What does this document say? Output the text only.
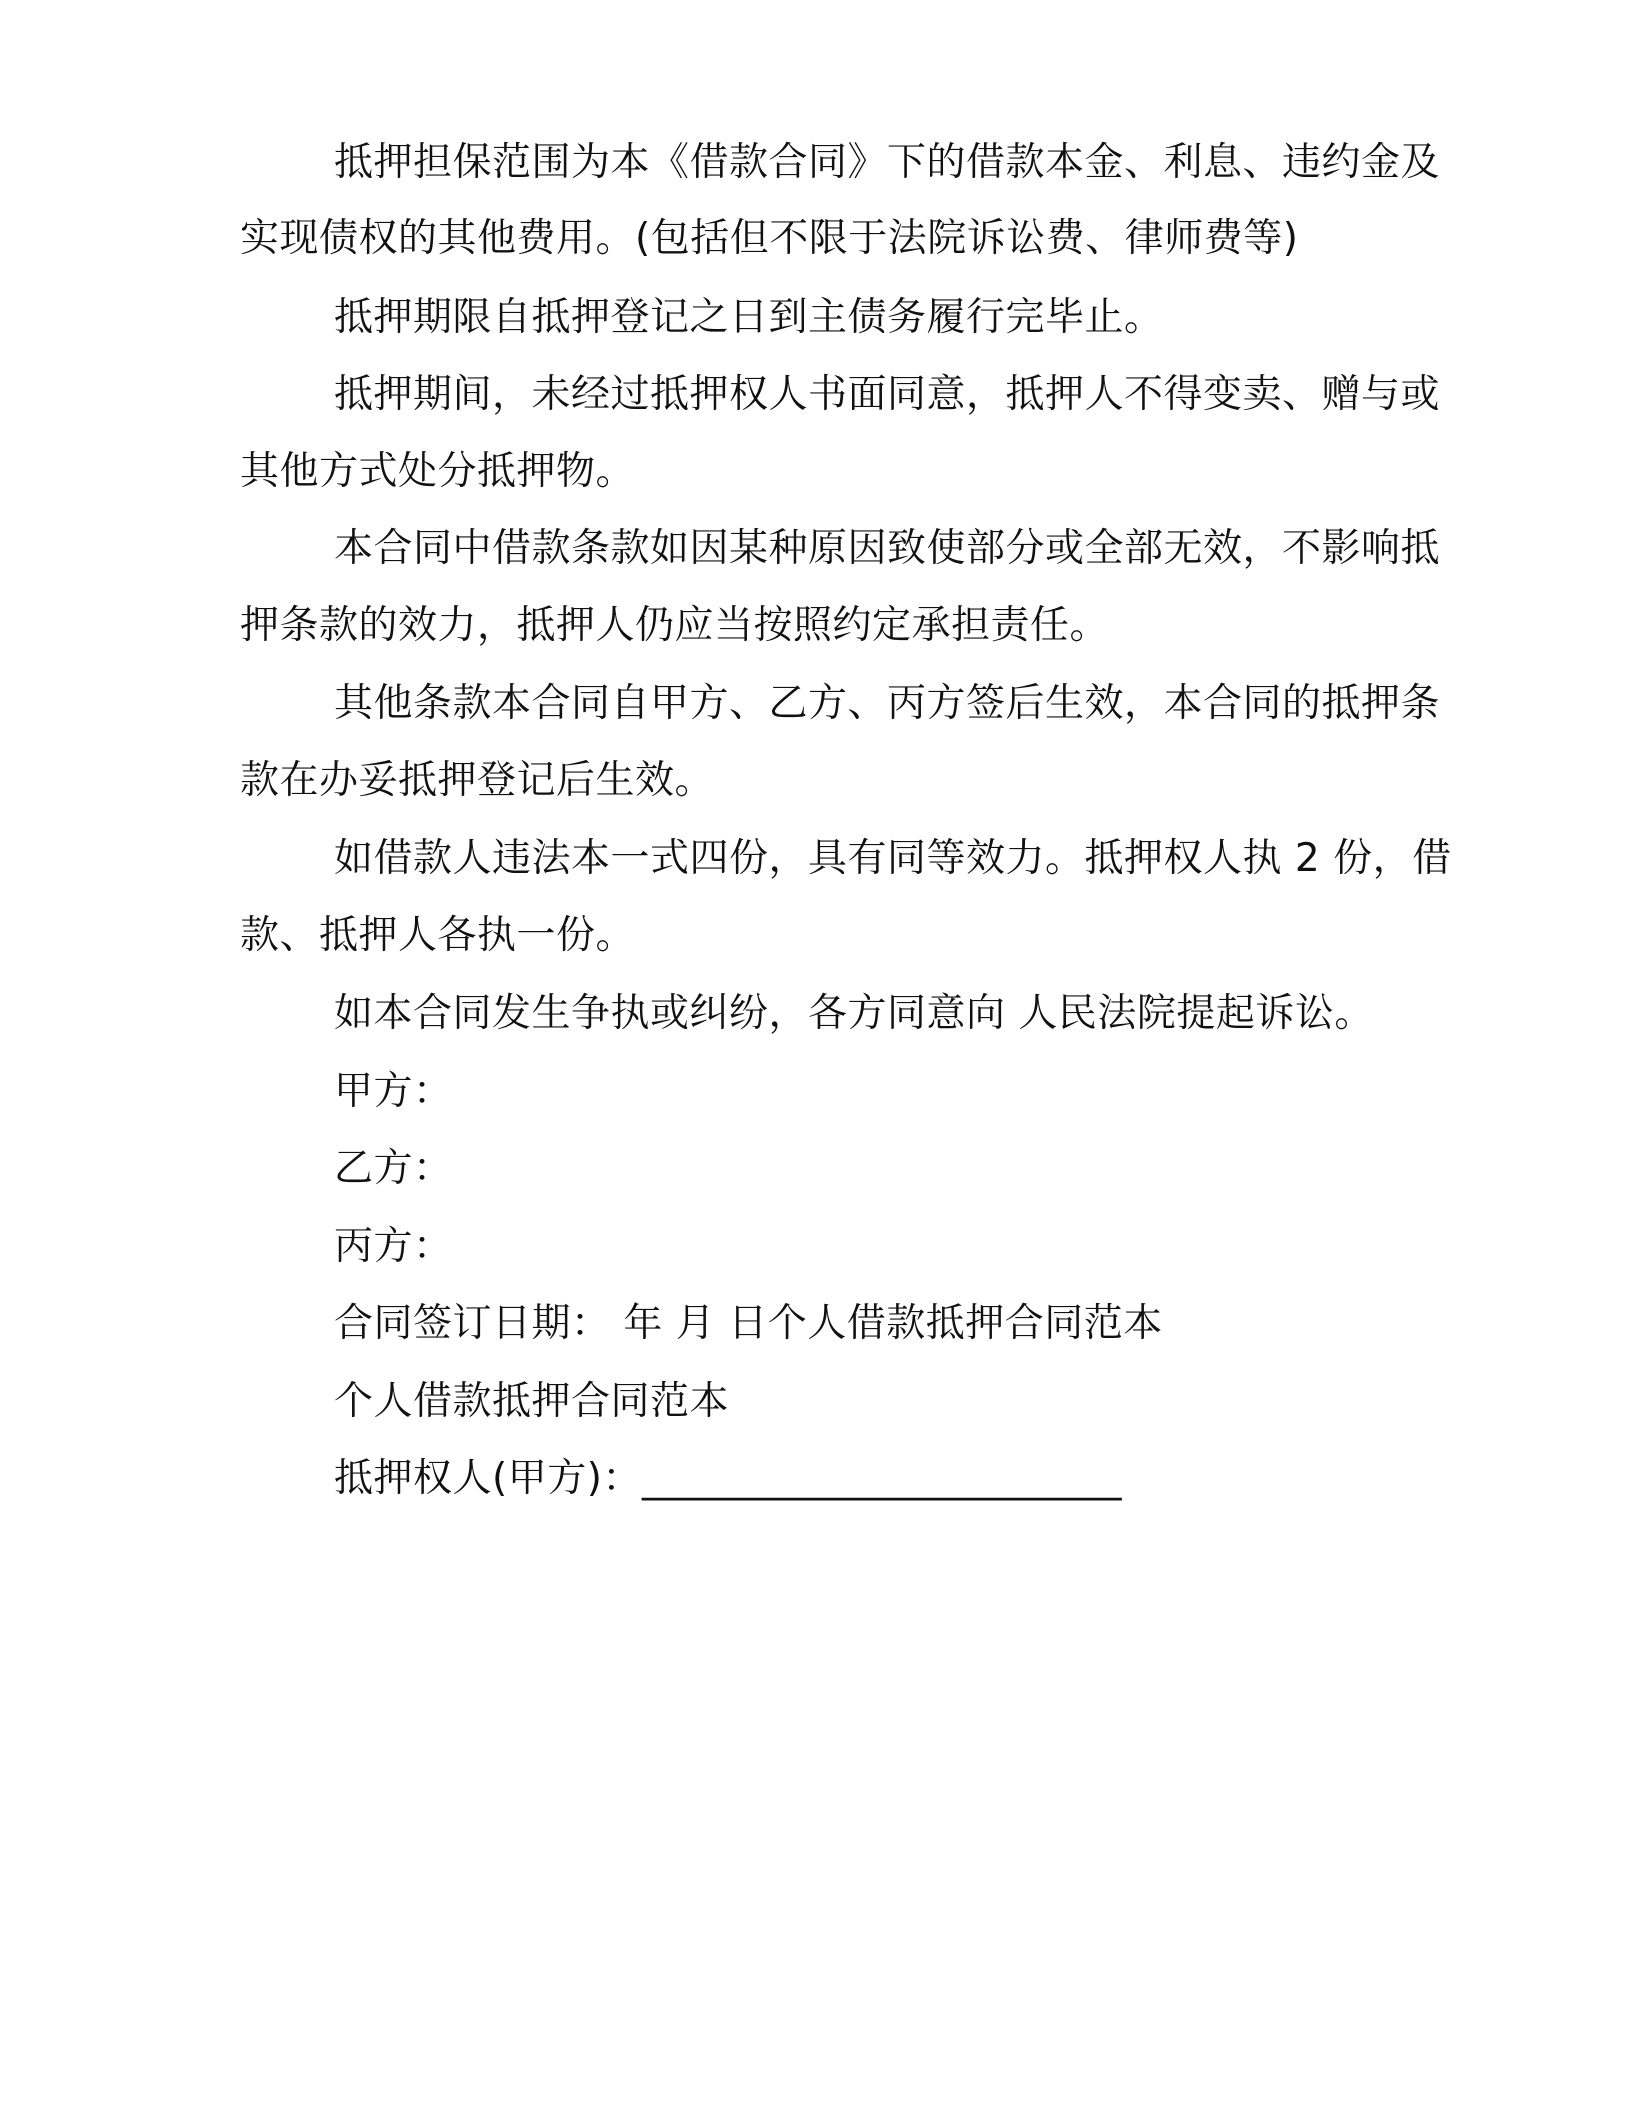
抵押担保范围为本《借款合同》下的借款本金、利息、违约金及
实现债权的其他费用。(包括但不限于法院诉讼费、律师费等)
抵押期限自抵押登记之日到主债务履行完毕止。
抵押期间，未经过抵押权人书面同意，抵押人不得变卖、赠与或
其他方式处分抵押物。
本合同中借款条款如因某种原因致使部分或全部无效，不影响抵
押条款的效力，抵押人仍应当按照约定承担责任。
其他条款本合同自甲方、乙方、丙方签后生效，本合同的抵押条
款在办妥抵押登记后生效。
如借款人违法本一式四份，具有同等效力。抵押权人执 2 份，借
款、抵押人各执一份。
如本合同发生争执或纠纷，各方同意向 人民法院提起诉讼。
甲方：
乙方：
丙方：
合同签订日期： 年 月 日个人借款抵押合同范本
个人借款抵押合同范本
抵押权人(甲方)：________________________
